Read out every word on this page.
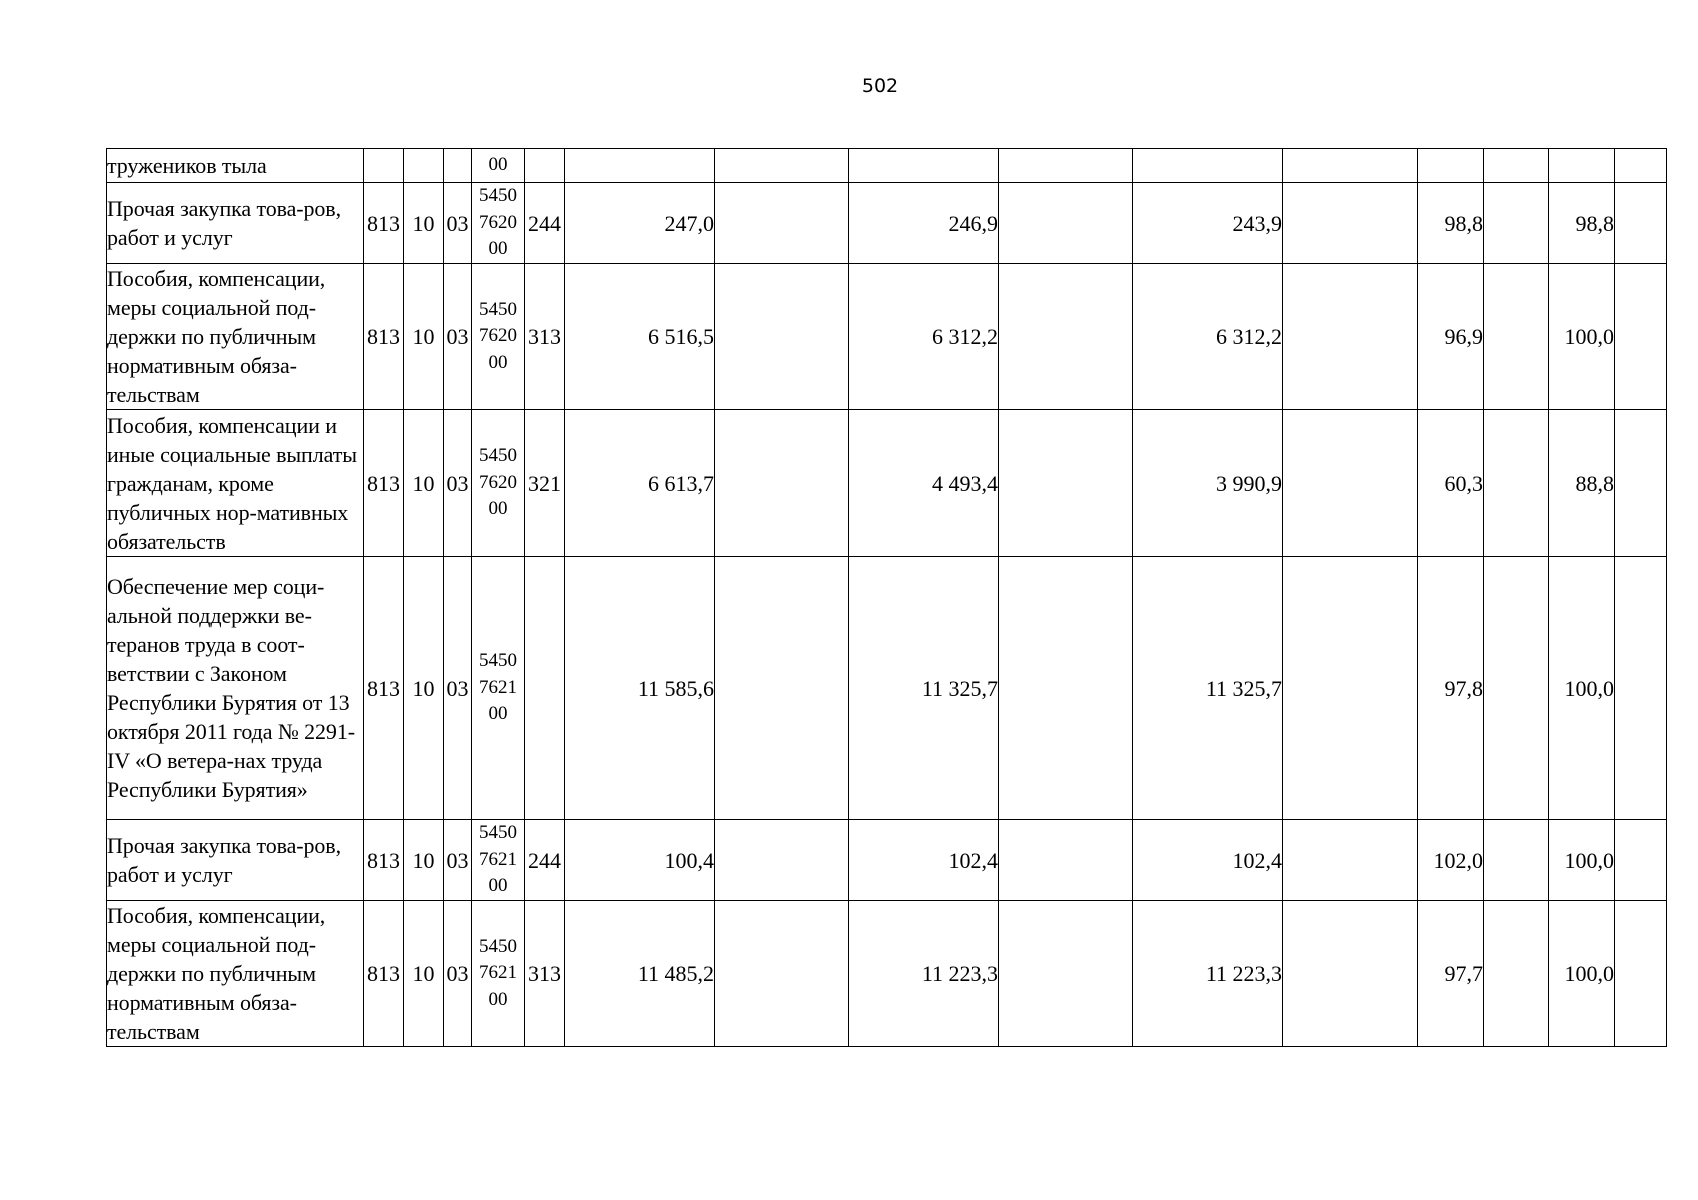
502
тружеников тыла				00											
Прочая закупка това-ров, работ и услуг	813	10	03	5450 7620 00	244	247,0		246,9		243,9		98,8		98,8	
Пособия, компенсации, меры социальной под-держки по публичным нормативным обяза-тельствам	813	10	03	5450 7620 00	313	6 516,5		6 312,2		6 312,2		96,9		100,0	
Пособия, компенсации и иные социальные выплаты гражданам, кроме публичных нор-мативных обязательств	813	10	03	5450 7620 00	321	6 613,7		4 493,4		3 990,9		60,3		88,8	
Обеспечение мер соци-альной поддержки ве-теранов труда в соот-ветствии с Законом Республики Бурятия от 13 октября 2011 года № 2291-IV «О ветера-нах труда Республики Бурятия»	813	10	03	5450 7621 00		11 585,6		11 325,7		11 325,7		97,8		100,0	
Прочая закупка това-ров, работ и услуг	813	10	03	5450 7621 00	244	100,4		102,4		102,4		102,0		100,0	
Пособия, компенсации, меры социальной под-держки по публичным нормативным обяза-тельствам	813	10	03	5450 7621 00	313	11 485,2		11 223,3		11 223,3		97,7		100,0	
